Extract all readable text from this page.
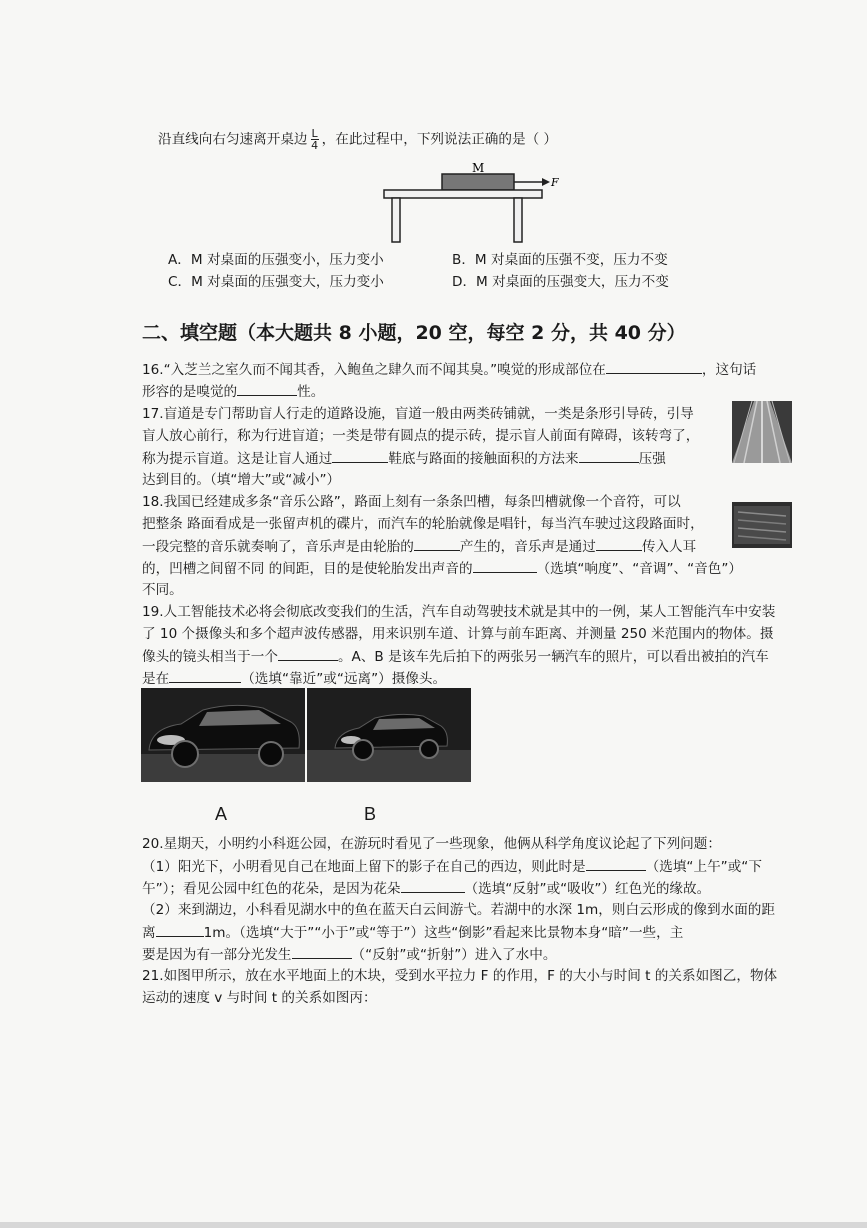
沿直线向右匀速离开桌边 $\frac{L}{4}$ ，在此过程中，下列说法正确的是（ ）
M
F
A．M 对桌面的压强变小，压力变小	B．M 对桌面的压强不变，压力不变
C．M 对桌面的压强变大，压力变小	D．M 对桌面的压强变大，压力不变
二、填空题（本大题共 8 小题，20 空，每空 2 分，共 40 分）
16.“入芝兰之室久而不闻其香，入鲍鱼之肆久而不闻其臭。”嗅觉的形成部位在	，这句话
形容的是嗅觉的	性。
17.盲道是专门帮助盲人行走的道路设施，盲道一般由两类砖铺就，一类是条形引导砖，引导
盲人放心前行，称为行进盲道；一类是带有圆点的提示砖，提示盲人前面有障碍，该转弯了，
称为提示盲道。这是让盲人通过	鞋底与路面的接触面积的方法来	压强
达到目的。（填“增大”或“减小”）
18.我国已经建成多条“音乐公路”，路面上刻有一条条凹槽，每条凹槽就像一个音符，可以
把整条 路面看成是一张留声机的碟片，而汽车的轮胎就像是唱针，每当汽车驶过这段路面时，
一段完整的音乐就奏响了，音乐声是由轮胎的	产生的，音乐声是通过	传入人耳
的，凹槽之间留不同 的间距，目的是使轮胎发出声音的	（选填“响度”、“音调”、“音色”）
不同。
19.人工智能技术必将会彻底改变我们的生活，汽车自动驾驶技术就是其中的一例，某人工智能汽车中安装
了 10 个摄像头和多个超声波传感器，用来识别车道、计算与前车距离、并测量 250 米范围内的物体。摄
像头的镜头相当于一个	。A、B 是该车先后拍下的两张另一辆汽车的照片，可以看出被拍的汽车
是在	（选填“靠近”或“远离”）摄像头。
A	B
20.星期天，小明约小科逛公园，在游玩时看见了一些现象，他俩从科学角度议论起了下列问题：
（1）阳光下，小明看见自己在地面上留下的影子在自己的西边，则此时是	（选填“上午”或“下
午”）；看见公园中红色的花朵，是因为花朵	（选填“反射”或“吸收”）红色光的缘故。
（2）来到湖边，小科看见湖水中的鱼在蓝天白云间游弋。若湖中的水深 1m，则白云形成的像到水面的距
离	1m。（选填“大于”“小于”或“等于”）这些“倒影”看起来比景物本身“暗”一些，主
要是因为有一部分光发生	（“反射”或“折射”）进入了水中。
21.如图甲所示，放在水平地面上的木块，受到水平拉力 F 的作用，F 的大小与时间 t 的关系如图乙，物体
运动的速度 v 与时间 t 的关系如图丙：
